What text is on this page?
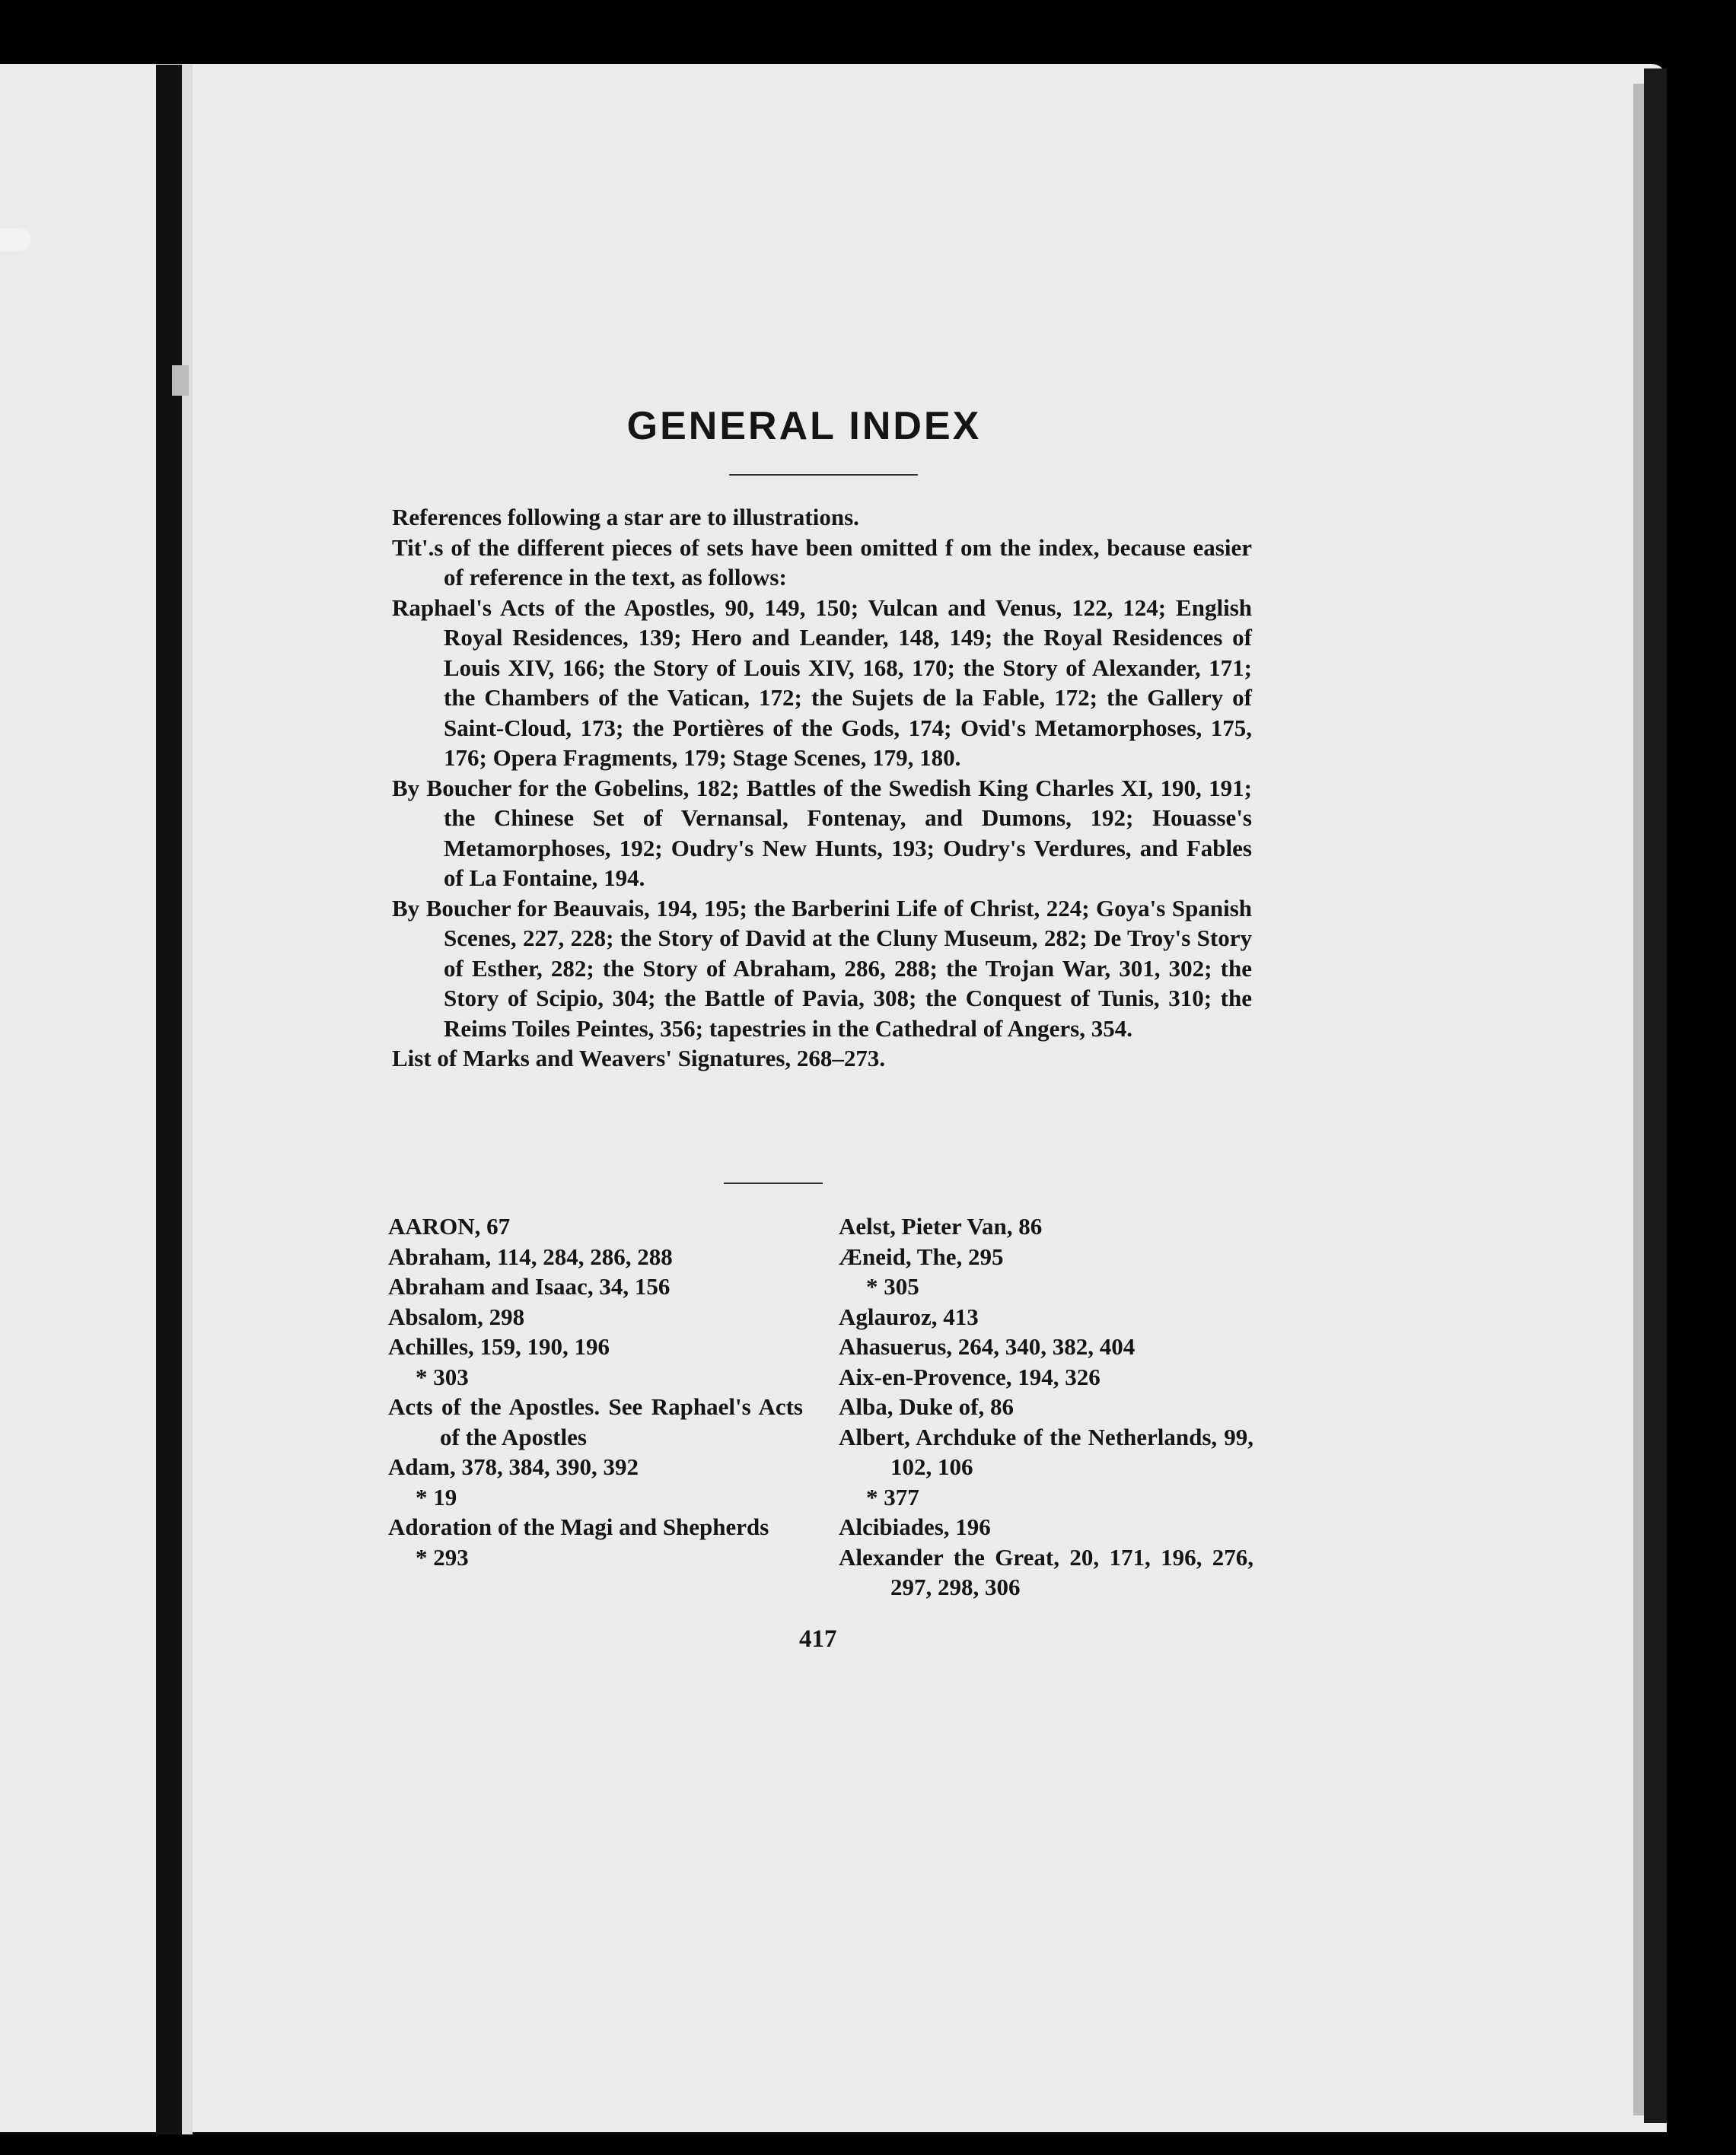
GENERAL INDEX

References following a star are to illustrations.

Tit'.s of the different pieces of sets have been omitted f om the index, because easier of reference in the text, as follows:

Raphael's Acts of the Apostles, 90, 149, 150; Vulcan and Venus, 122, 124; English Royal Residences, 139; Hero and Leander, 148, 149; the Royal Residences of Louis XIV, 166; the Story of Louis XIV, 168, 170; the Story of Alexander, 171; the Chambers of the Vatican, 172; the Sujets de la Fable, 172; the Gallery of Saint-Cloud, 173; the Portières of the Gods, 174; Ovid's Metamorphoses, 175, 176; Opera Fragments, 179; Stage Scenes, 179, 180.

By Boucher for the Gobelins, 182; Battles of the Swedish King Charles XI, 190, 191; the Chinese Set of Vernansal, Fontenay, and Dumons, 192; Houasse's Metamorphoses, 192; Oudry's New Hunts, 193; Oudry's Verdures, and Fables of La Fontaine, 194.

By Boucher for Beauvais, 194, 195; the Barberini Life of Christ, 224; Goya's Spanish Scenes, 227, 228; the Story of David at the Cluny Museum, 282; De Troy's Story of Esther, 282; the Story of Abraham, 286, 288; the Trojan War, 301, 302; the Story of Scipio, 304; the Battle of Pavia, 308; the Conquest of Tunis, 310; the Reims Toiles Peintes, 356; tapestries in the Cathedral of Angers, 354.

List of Marks and Weavers' Signatures, 268–273.

AARON, 67

Abraham, 114, 284, 286, 288

Abraham and Isaac, 34, 156

Absalom, 298

Achilles, 159, 190, 196

* 303

Acts of the Apostles. See Raphael's Acts of the Apostles

Adam, 378, 384, 390, 392

* 19

Adoration of the Magi and Shepherds

* 293

Aelst, Pieter Van, 86

Æneid, The, 295

* 305

Aglauroz, 413

Ahasuerus, 264, 340, 382, 404

Aix-en-Provence, 194, 326

Alba, Duke of, 86

Albert, Archduke of the Netherlands, 99, 102, 106

* 377

Alcibiades, 196

Alexander the Great, 20, 171, 196, 276, 297, 298, 306

417
